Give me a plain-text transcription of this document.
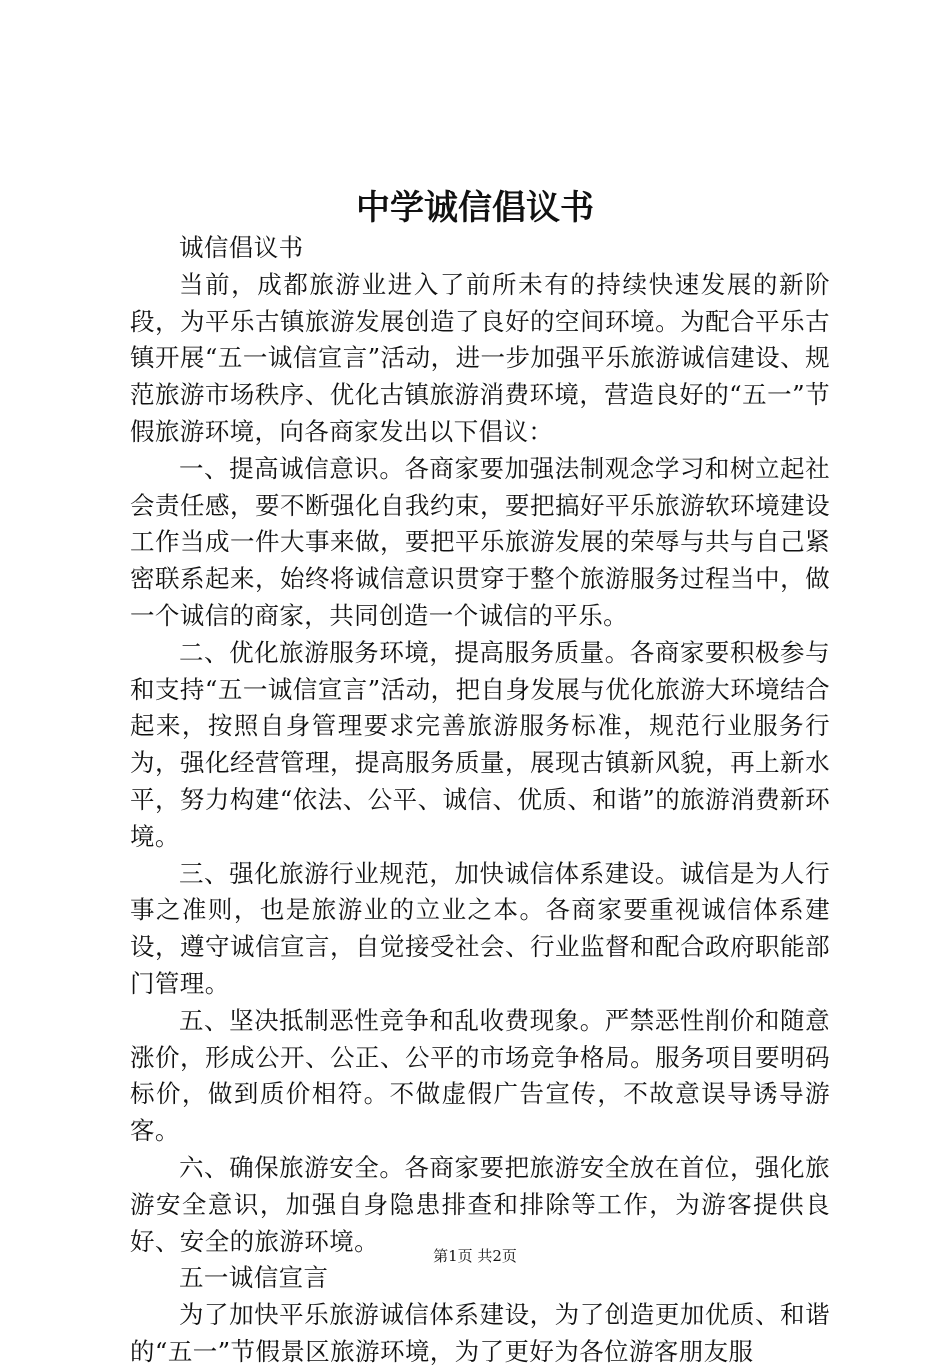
中学诚信倡议书

诚信倡议书

当前，成都旅游业进入了前所未有的持续快速发展的新阶段，为平乐古镇旅游发展创造了良好的空间环境。为配合平乐古镇开展“五一诚信宣言”活动，进一步加强平乐旅游诚信建设、规范旅游市场秩序、优化古镇旅游消费环境，营造良好的“五一”节假旅游环境，向各商家发出以下倡议：

一、提高诚信意识。各商家要加强法制观念学习和树立起社会责任感，要不断强化自我约束，要把搞好平乐旅游软环境建设工作当成一件大事来做，要把平乐旅游发展的荣辱与共与自己紧密联系起来，始终将诚信意识贯穿于整个旅游服务过程当中，做一个诚信的商家，共同创造一个诚信的平乐。

二、优化旅游服务环境，提高服务质量。各商家要积极参与和支持“五一诚信宣言”活动，把自身发展与优化旅游大环境结合起来，按照自身管理要求完善旅游服务标准，规范行业服务行为，强化经营管理，提高服务质量，展现古镇新风貌，再上新水平，努力构建“依法、公平、诚信、优质、和谐”的旅游消费新环境。

三、强化旅游行业规范，加快诚信体系建设。诚信是为人行事之准则，也是旅游业的立业之本。各商家要重视诚信体系建设，遵守诚信宣言，自觉接受社会、行业监督和配合政府职能部门管理。

五、坚决抵制恶性竞争和乱收费现象。严禁恶性削价和随意涨价，形成公开、公正、公平的市场竞争格局。服务项目要明码标价，做到质价相符。不做虚假广告宣传，不故意误导诱导游客。

六、确保旅游安全。各商家要把旅游安全放在首位，强化旅游安全意识，加强自身隐患排查和排除等工作，为游客提供良好、安全的旅游环境。

五一诚信宣言

为了加快平乐旅游诚信体系建设，为了创造更加优质、和谐的“五一”节假景区旅游环境，为了更好为各位游客朋友服

第1页 共2页
